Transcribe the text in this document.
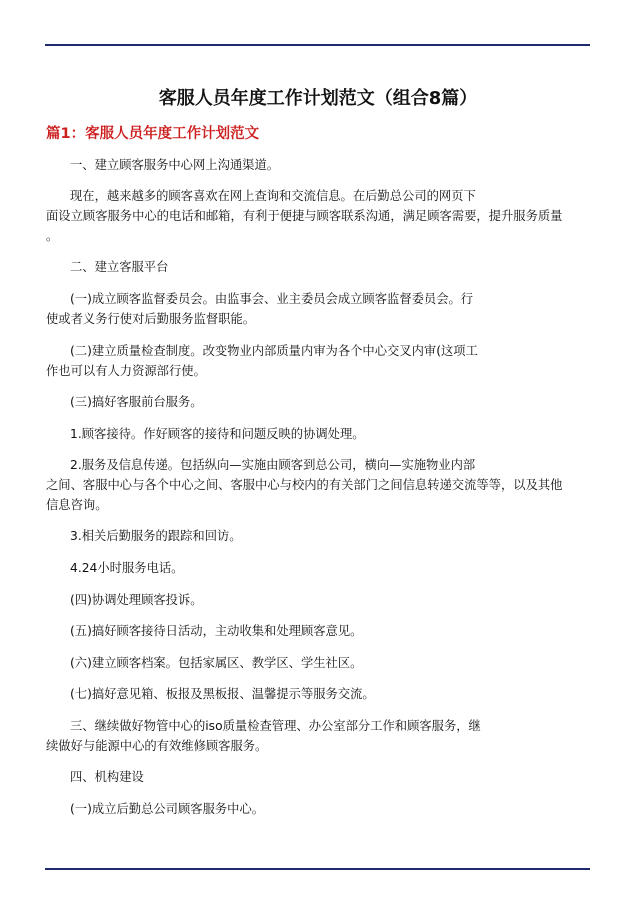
客服人员年度工作计划范文（组合8篇）
篇1：客服人员年度工作计划范文
一、建立顾客服务中心网上沟通渠道。
现在，越来越多的顾客喜欢在网上查询和交流信息。在后勤总公司的网页下
面设立顾客服务中心的电话和邮箱，有利于便捷与顾客联系沟通，满足顾客需要，提升服务质量
。
二、建立客服平台
(一)成立顾客监督委员会。由监事会、业主委员会成立顾客监督委员会。行
使或者义务行使对后勤服务监督职能。
(二)建立质量检查制度。改变物业内部质量内审为各个中心交叉内审(这项工
作也可以有人力资源部行使。
(三)搞好客服前台服务。
1.顾客接待。作好顾客的接待和问题反映的协调处理。
2.服务及信息传递。包括纵向—实施由顾客到总公司，横向—实施物业内部
之间、客服中心与各个中心之间、客服中心与校内的有关部门之间信息转递交流等等，以及其他
信息咨询。
3.相关后勤服务的跟踪和回访。
4.24小时服务电话。
(四)协调处理顾客投诉。
(五)搞好顾客接待日活动，主动收集和处理顾客意见。
(六)建立顾客档案。包括家属区、教学区、学生社区。
(七)搞好意见箱、板报及黑板报、温馨提示等服务交流。
三、继续做好物管中心的iso质量检查管理、办公室部分工作和顾客服务，继
续做好与能源中心的有效维修顾客服务。
四、机构建设
(一)成立后勤总公司顾客服务中心。
